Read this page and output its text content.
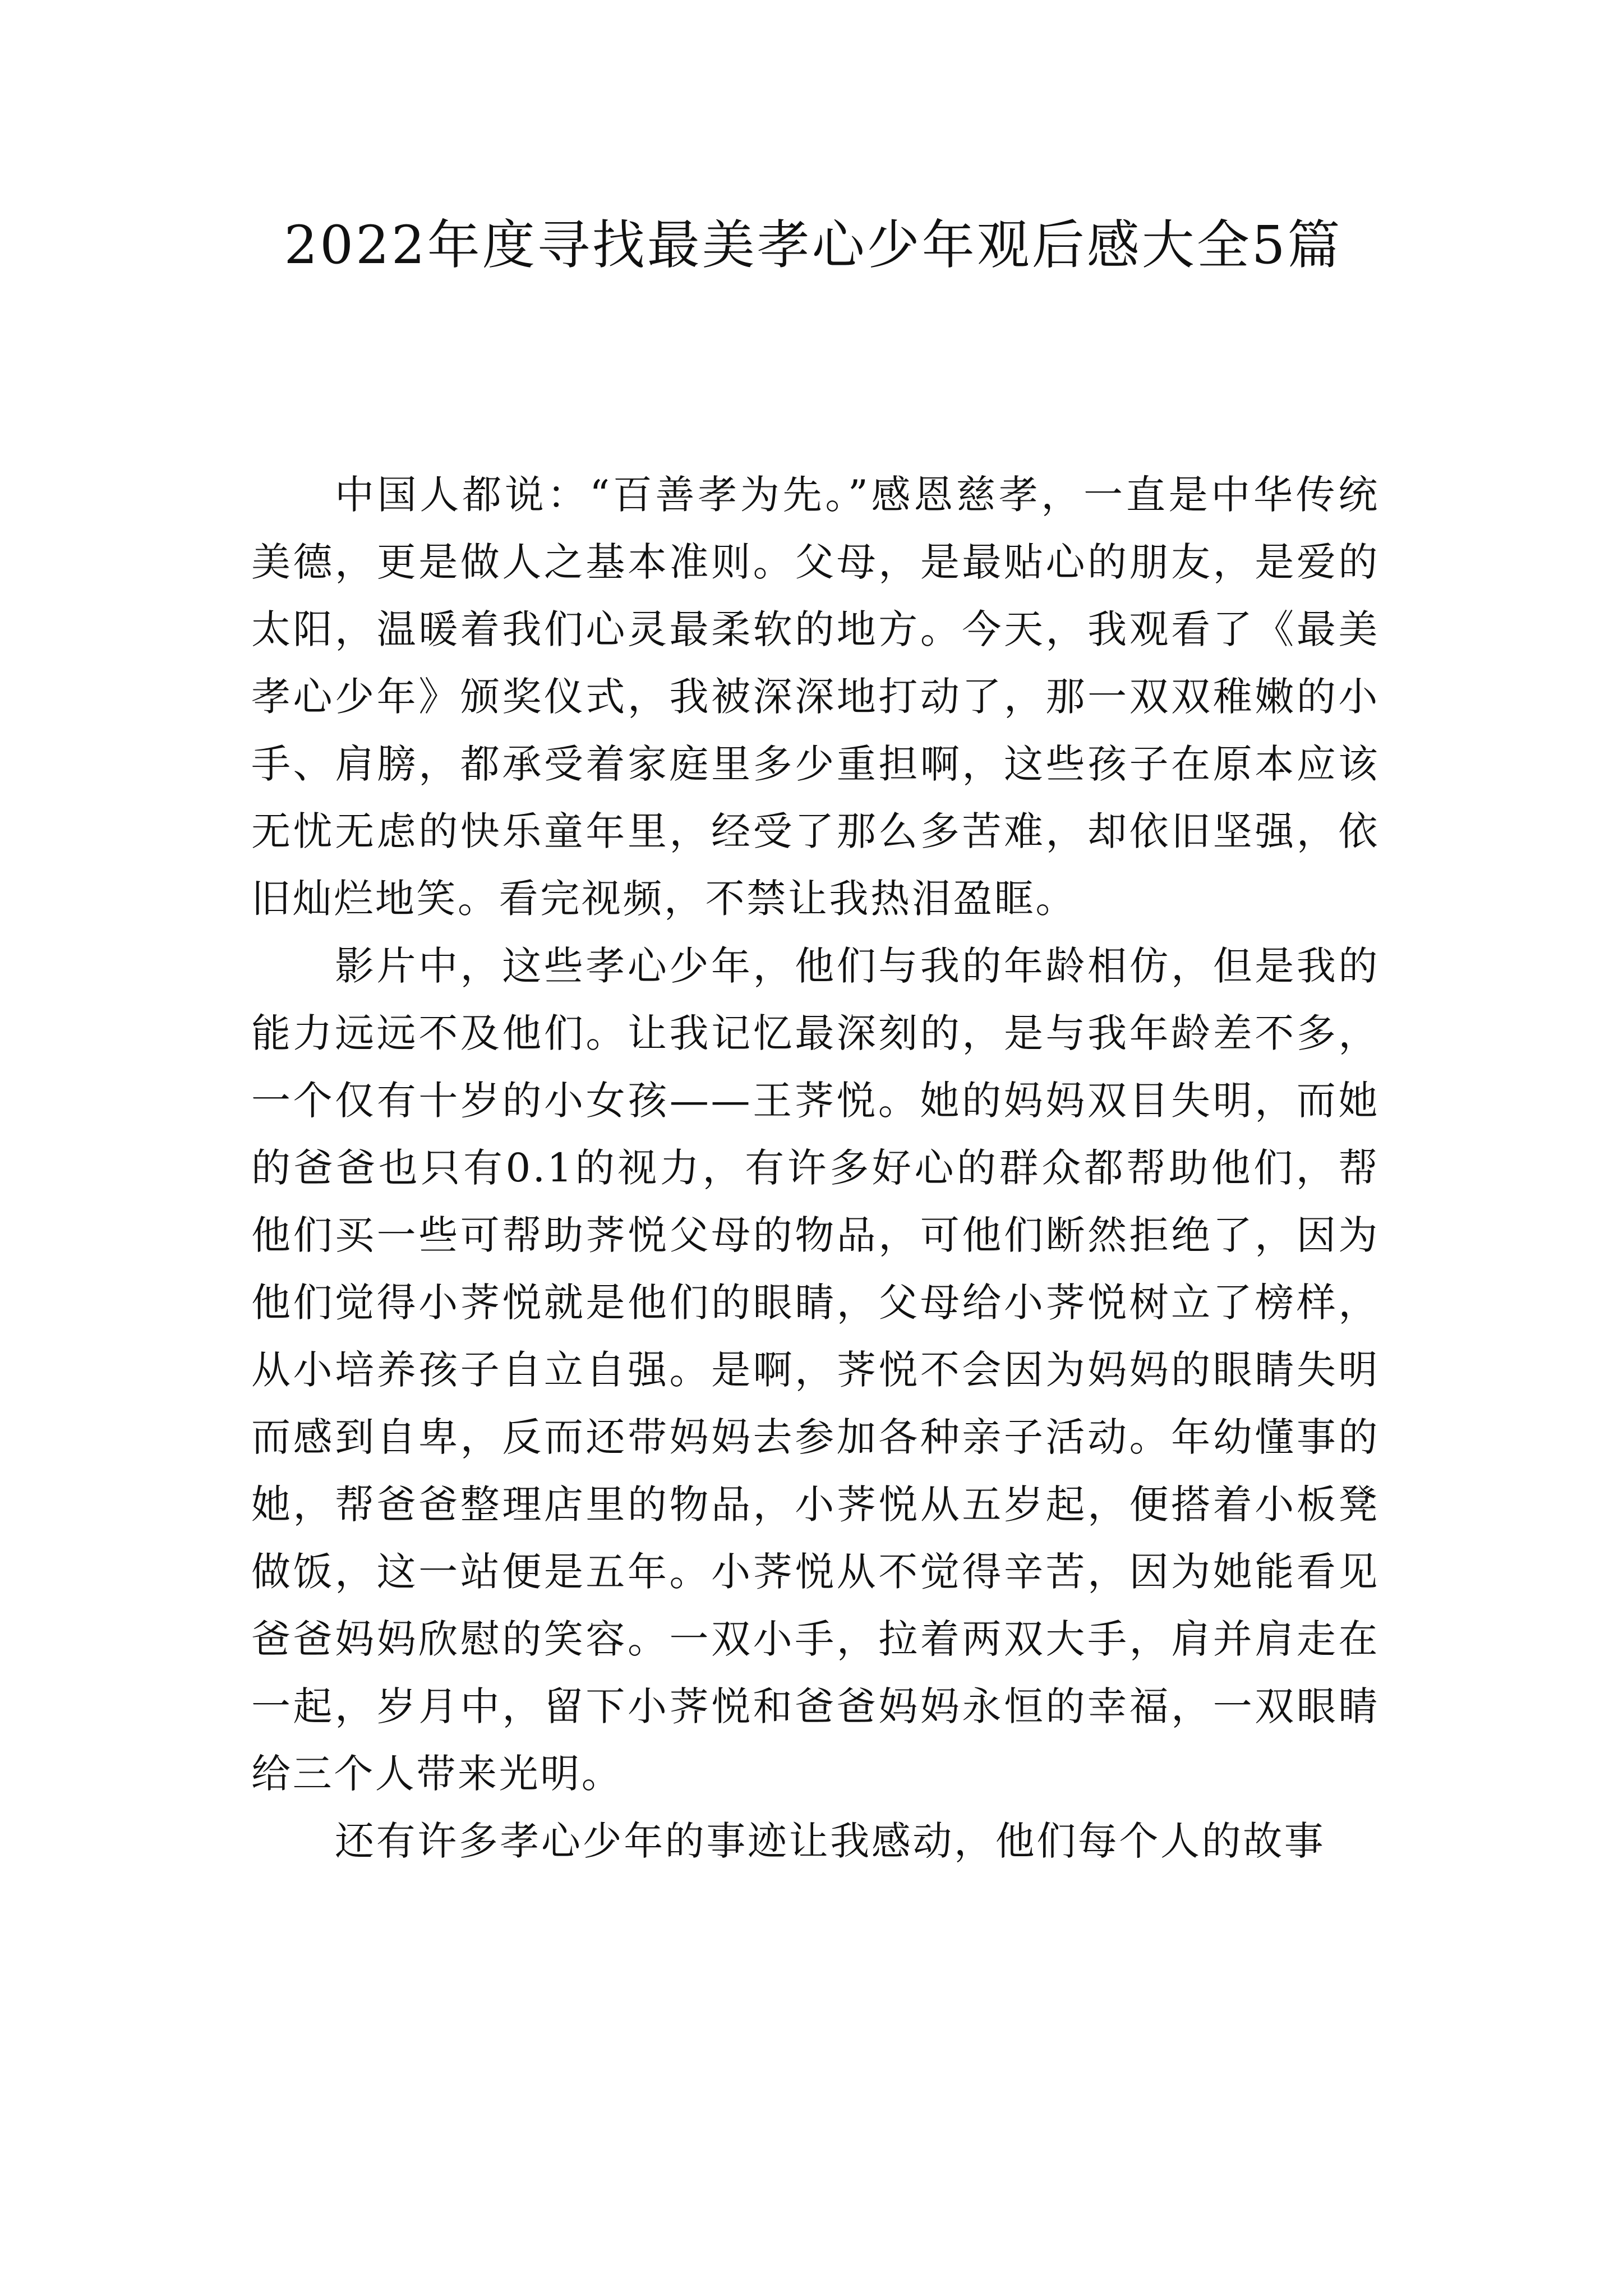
2022年度寻找最美孝心少年观后感大全5篇

中国人都说：“百善孝为先。”感恩慈孝，一直是中华传统美德，更是做人之基本准则。父母，是最贴心的朋友，是爱的太阳，温暖着我们心灵最柔软的地方。今天，我观看了《最美孝心少年》颁奖仪式，我被深深地打动了，那一双双稚嫩的小手、肩膀，都承受着家庭里多少重担啊，这些孩子在原本应该无忧无虑的快乐童年里，经受了那么多苦难，却依旧坚强，依旧灿烂地笑。看完视频，不禁让我热泪盈眶。

影片中，这些孝心少年，他们与我的年龄相仿，但是我的能力远远不及他们。让我记忆最深刻的，是与我年龄差不多，一个仅有十岁的小女孩——王荠悦。她的妈妈双目失明，而她的爸爸也只有0.1的视力，有许多好心的群众都帮助他们，帮他们买一些可帮助荠悦父母的物品，可他们断然拒绝了，因为他们觉得小荠悦就是他们的眼睛，父母给小荠悦树立了榜样，从小培养孩子自立自强。是啊，荠悦不会因为妈妈的眼睛失明而感到自卑，反而还带妈妈去参加各种亲子活动。年幼懂事的她，帮爸爸整理店里的物品，小荠悦从五岁起，便搭着小板凳做饭，这一站便是五年。小荠悦从不觉得辛苦，因为她能看见爸爸妈妈欣慰的笑容。一双小手，拉着两双大手，肩并肩走在一起，岁月中，留下小荠悦和爸爸妈妈永恒的幸福，一双眼睛给三个人带来光明。

还有许多孝心少年的事迹让我感动，他们每个人的故事
